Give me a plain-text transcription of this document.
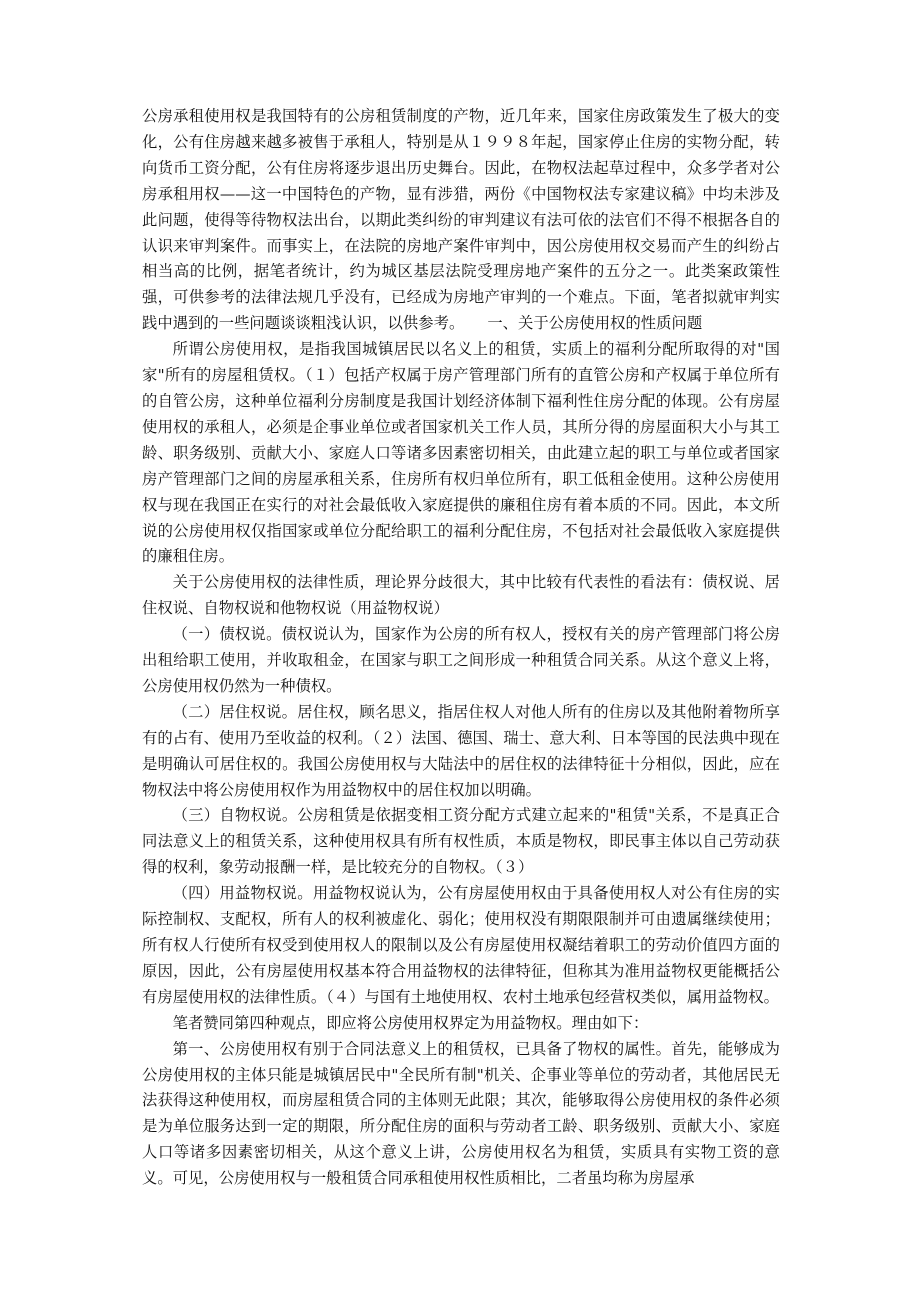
公房承租使用权是我国特有的公房租赁制度的产物，近几年来，国家住房政策发生了极大的变化，公有住房越来越多被售于承租人，特别是从１９９８年起，国家停止住房的实物分配，转向货币工资分配，公有住房将逐步退出历史舞台。因此，在物权法起草过程中，众多学者对公房承租用权——这一中国特色的产物，显有涉猎，两份《中国物权法专家建议稿》中均未涉及此问题，使得等待物权法出台，以期此类纠纷的审判建议有法可依的法官们不得不根据各自的认识来审判案件。而事实上，在法院的房地产案件审判中，因公房使用权交易而产生的纠纷占相当高的比例，据笔者统计，约为城区基层法院受理房地产案件的五分之一。此类案政策性强，可供参考的法律法规几乎没有，已经成为房地产审判的一个难点。下面，笔者拟就审判实践中遇到的一些问题谈谈粗浅认识，以供参考。　　一、关于公房使用权的性质问题

所谓公房使用权，是指我国城镇居民以名义上的租赁，实质上的福利分配所取得的对"国家"所有的房屋租赁权。（１）包括产权属于房产管理部门所有的直管公房和产权属于单位所有的自管公房，这种单位福利分房制度是我国计划经济体制下福利性住房分配的体现。公有房屋使用权的承租人，必须是企事业单位或者国家机关工作人员，其所分得的房屋面积大小与其工龄、职务级别、贡献大小、家庭人口等诸多因素密切相关，由此建立起的职工与单位或者国家房产管理部门之间的房屋承租关系，住房所有权归单位所有，职工低租金使用。这种公房使用权与现在我国正在实行的对社会最低收入家庭提供的廉租住房有着本质的不同。因此，本文所说的公房使用权仅指国家或单位分配给职工的福利分配住房，不包括对社会最低收入家庭提供的廉租住房。

关于公房使用权的法律性质，理论界分歧很大，其中比较有代表性的看法有：债权说、居住权说、自物权说和他物权说（用益物权说）

（一）债权说。债权说认为，国家作为公房的所有权人，授权有关的房产管理部门将公房出租给职工使用，并收取租金，在国家与职工之间形成一种租赁合同关系。从这个意义上将，公房使用权仍然为一种债权。

（二）居住权说。居住权，顾名思义，指居住权人对他人所有的住房以及其他附着物所享有的占有、使用乃至收益的权利。（２）法国、德国、瑞士、意大利、日本等国的民法典中现在是明确认可居住权的。我国公房使用权与大陆法中的居住权的法律特征十分相似，因此，应在物权法中将公房使用权作为用益物权中的居住权加以明确。

（三）自物权说。公房租赁是依据变相工资分配方式建立起来的"租赁"关系，不是真正合同法意义上的租赁关系，这种使用权具有所有权性质，本质是物权，即民事主体以自己劳动获得的权利，象劳动报酬一样，是比较充分的自物权。（３）

（四）用益物权说。用益物权说认为，公有房屋使用权由于具备使用权人对公有住房的实际控制权、支配权，所有人的权利被虚化、弱化；使用权没有期限限制并可由遗属继续使用；所有权人行使所有权受到使用权人的限制以及公有房屋使用权凝结着职工的劳动价值四方面的原因，因此，公有房屋使用权基本符合用益物权的法律特征，但称其为准用益物权更能概括公有房屋使用权的法律性质。（４）与国有土地使用权、农村土地承包经营权类似，属用益物权。

笔者赞同第四种观点，即应将公房使用权界定为用益物权。理由如下：

第一、公房使用权有别于合同法意义上的租赁权，已具备了物权的属性。首先，能够成为公房使用权的主体只能是城镇居民中"全民所有制"机关、企事业等单位的劳动者，其他居民无法获得这种使用权，而房屋租赁合同的主体则无此限；其次，能够取得公房使用权的条件必须是为单位服务达到一定的期限，所分配住房的面积与劳动者工龄、职务级别、贡献大小、家庭人口等诸多因素密切相关，从这个意义上讲，公房使用权名为租赁，实质具有实物工资的意义。可见，公房使用权与一般租赁合同承租使用权性质相比，二者虽均称为房屋承
